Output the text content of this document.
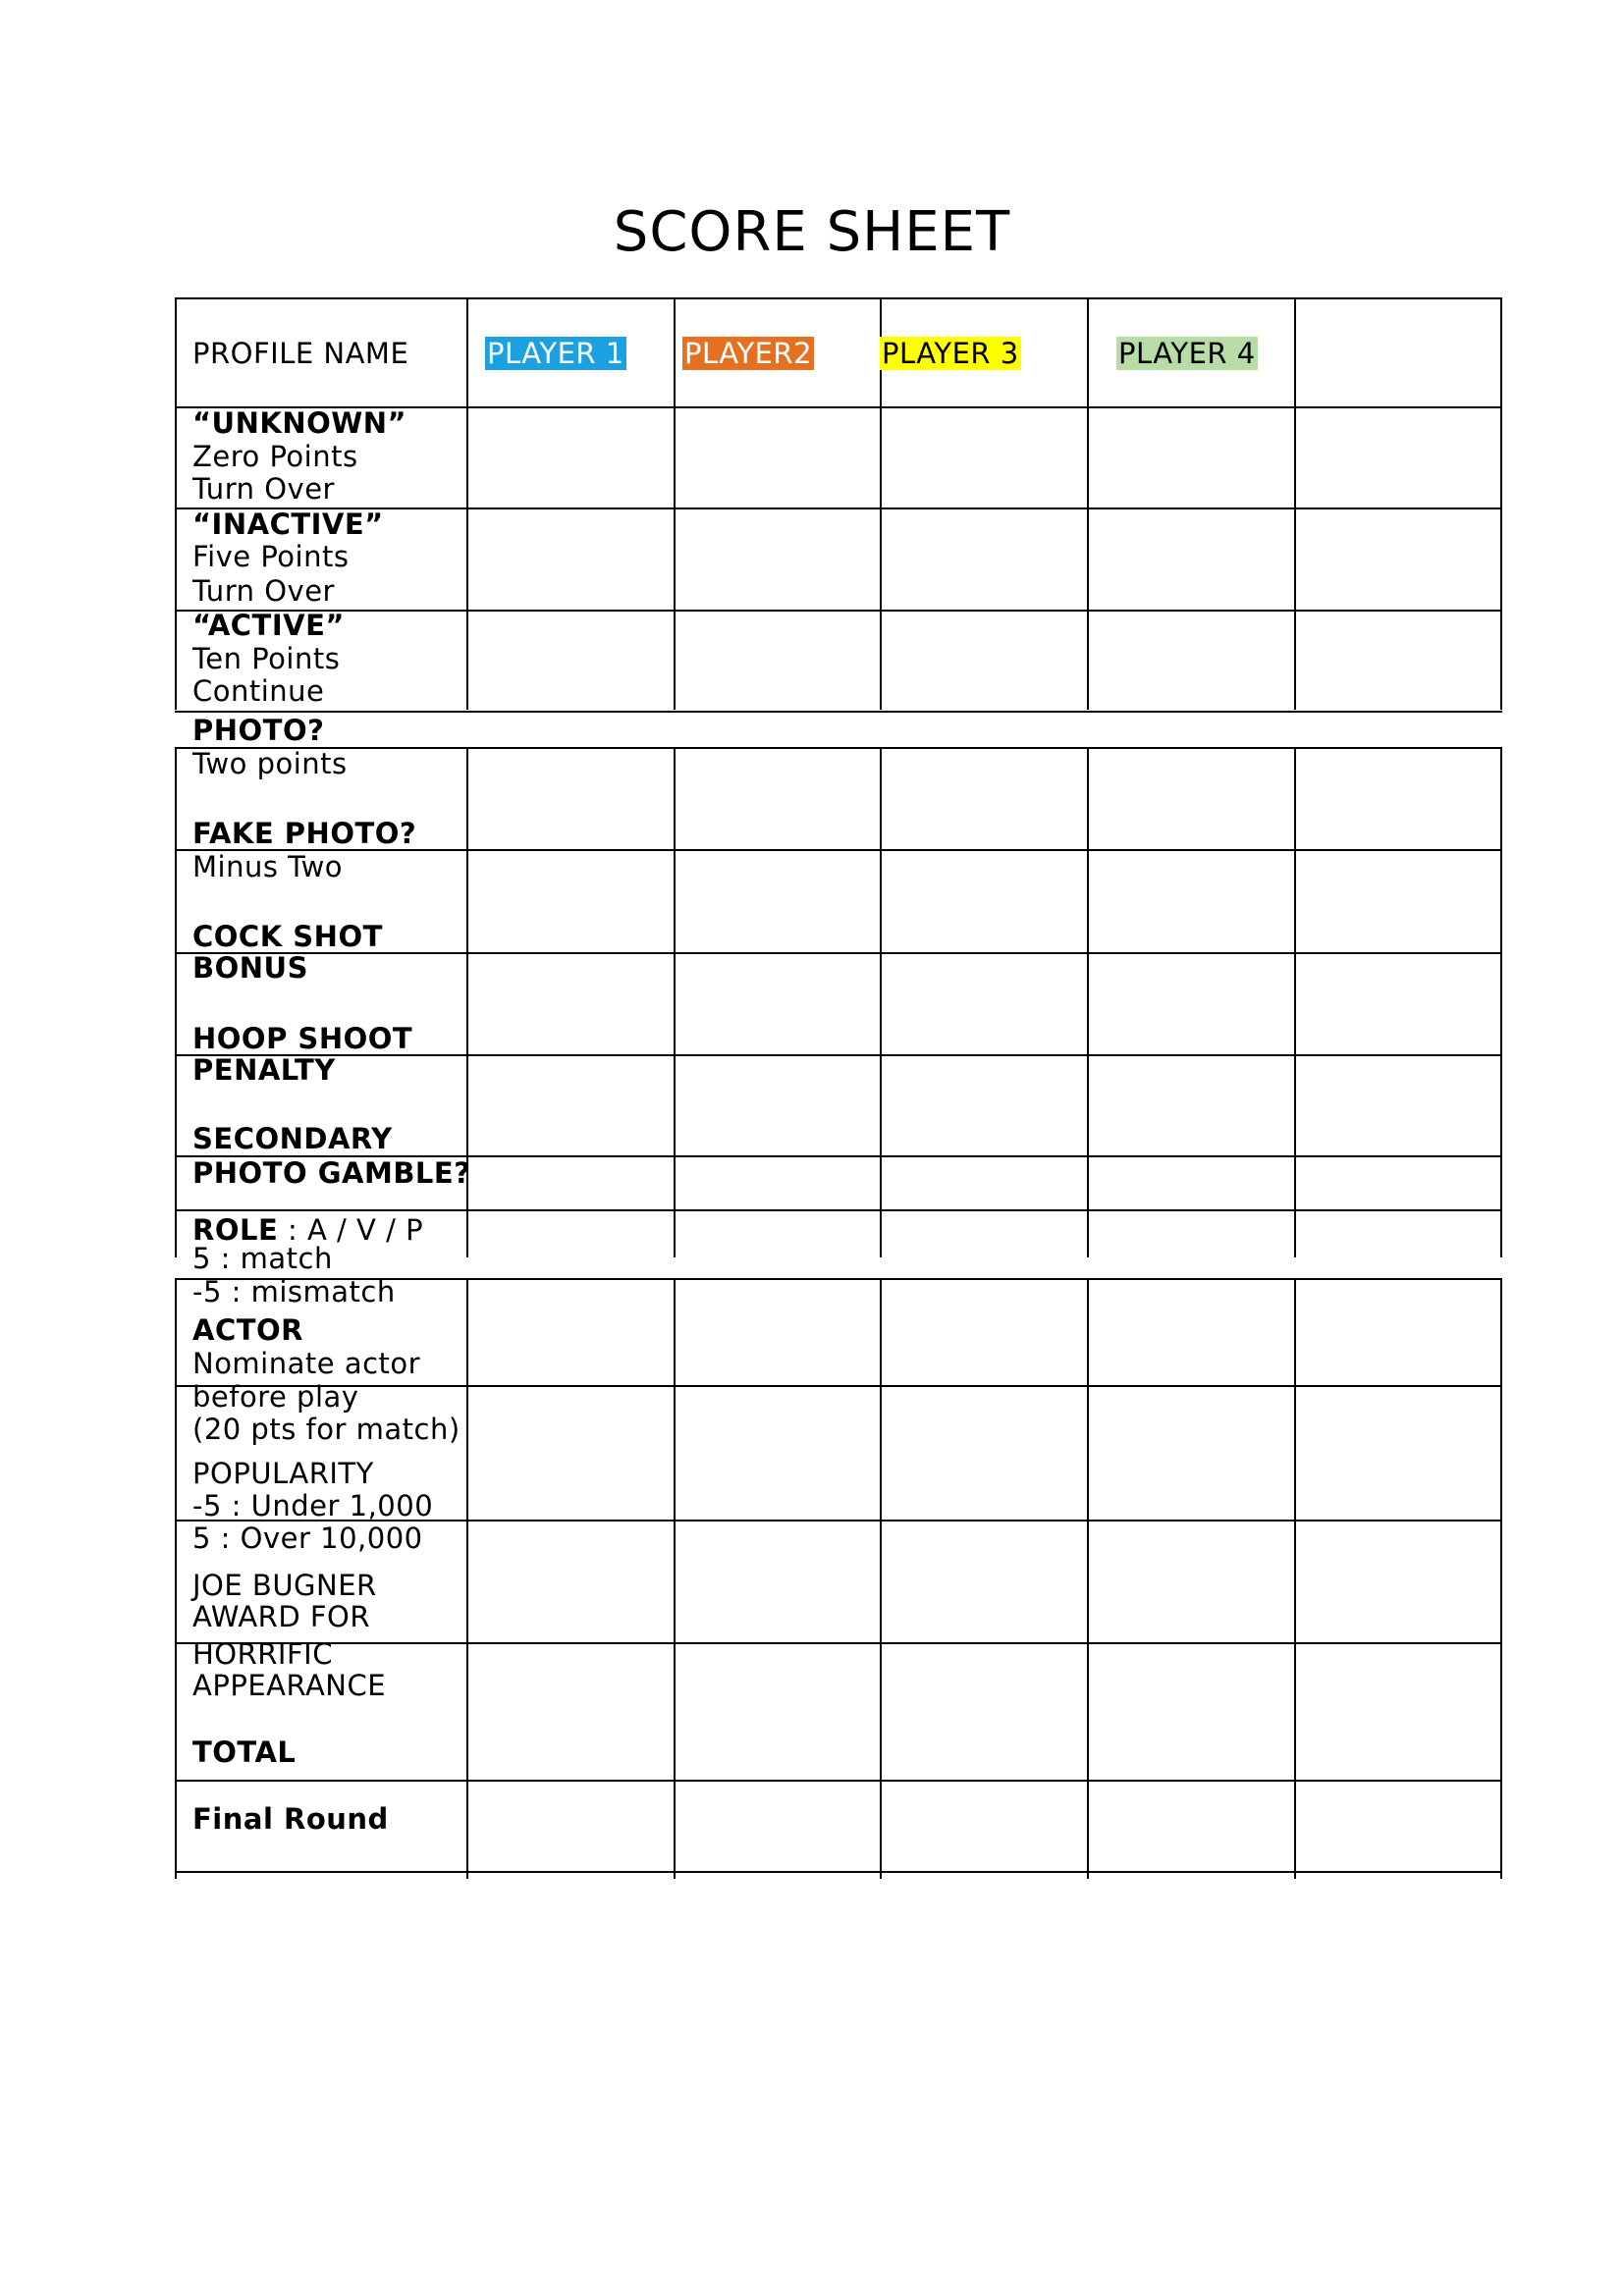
SCORE SHEET
PROFILE NAME	PLAYER 1 PLAYER2 PLAYER 3	PLAYER 4
“UNKNOWN”
Zero Points
Turn Over
“INACTIVE”
Five Points
Turn Over
“ACTIVE”
Ten Points
Continue
PHOTO?
Two points
FAKE PHOTO?
Minus Two
COCK SHOT
BONUS
HOOP SHOOT
PENALTY
SECONDARY
PHOTO GAMBLE?
ROLE : A / V / P
5 : match
-5 : mismatch
ACTOR
Nominate actor
before play
(20 pts for match)
POPULARITY
-5 : Under 1,000
5 : Over 10,000
JOE BUGNER
AWARD FOR
HORRIFIC
APPEARANCE
TOTAL
Final Round
